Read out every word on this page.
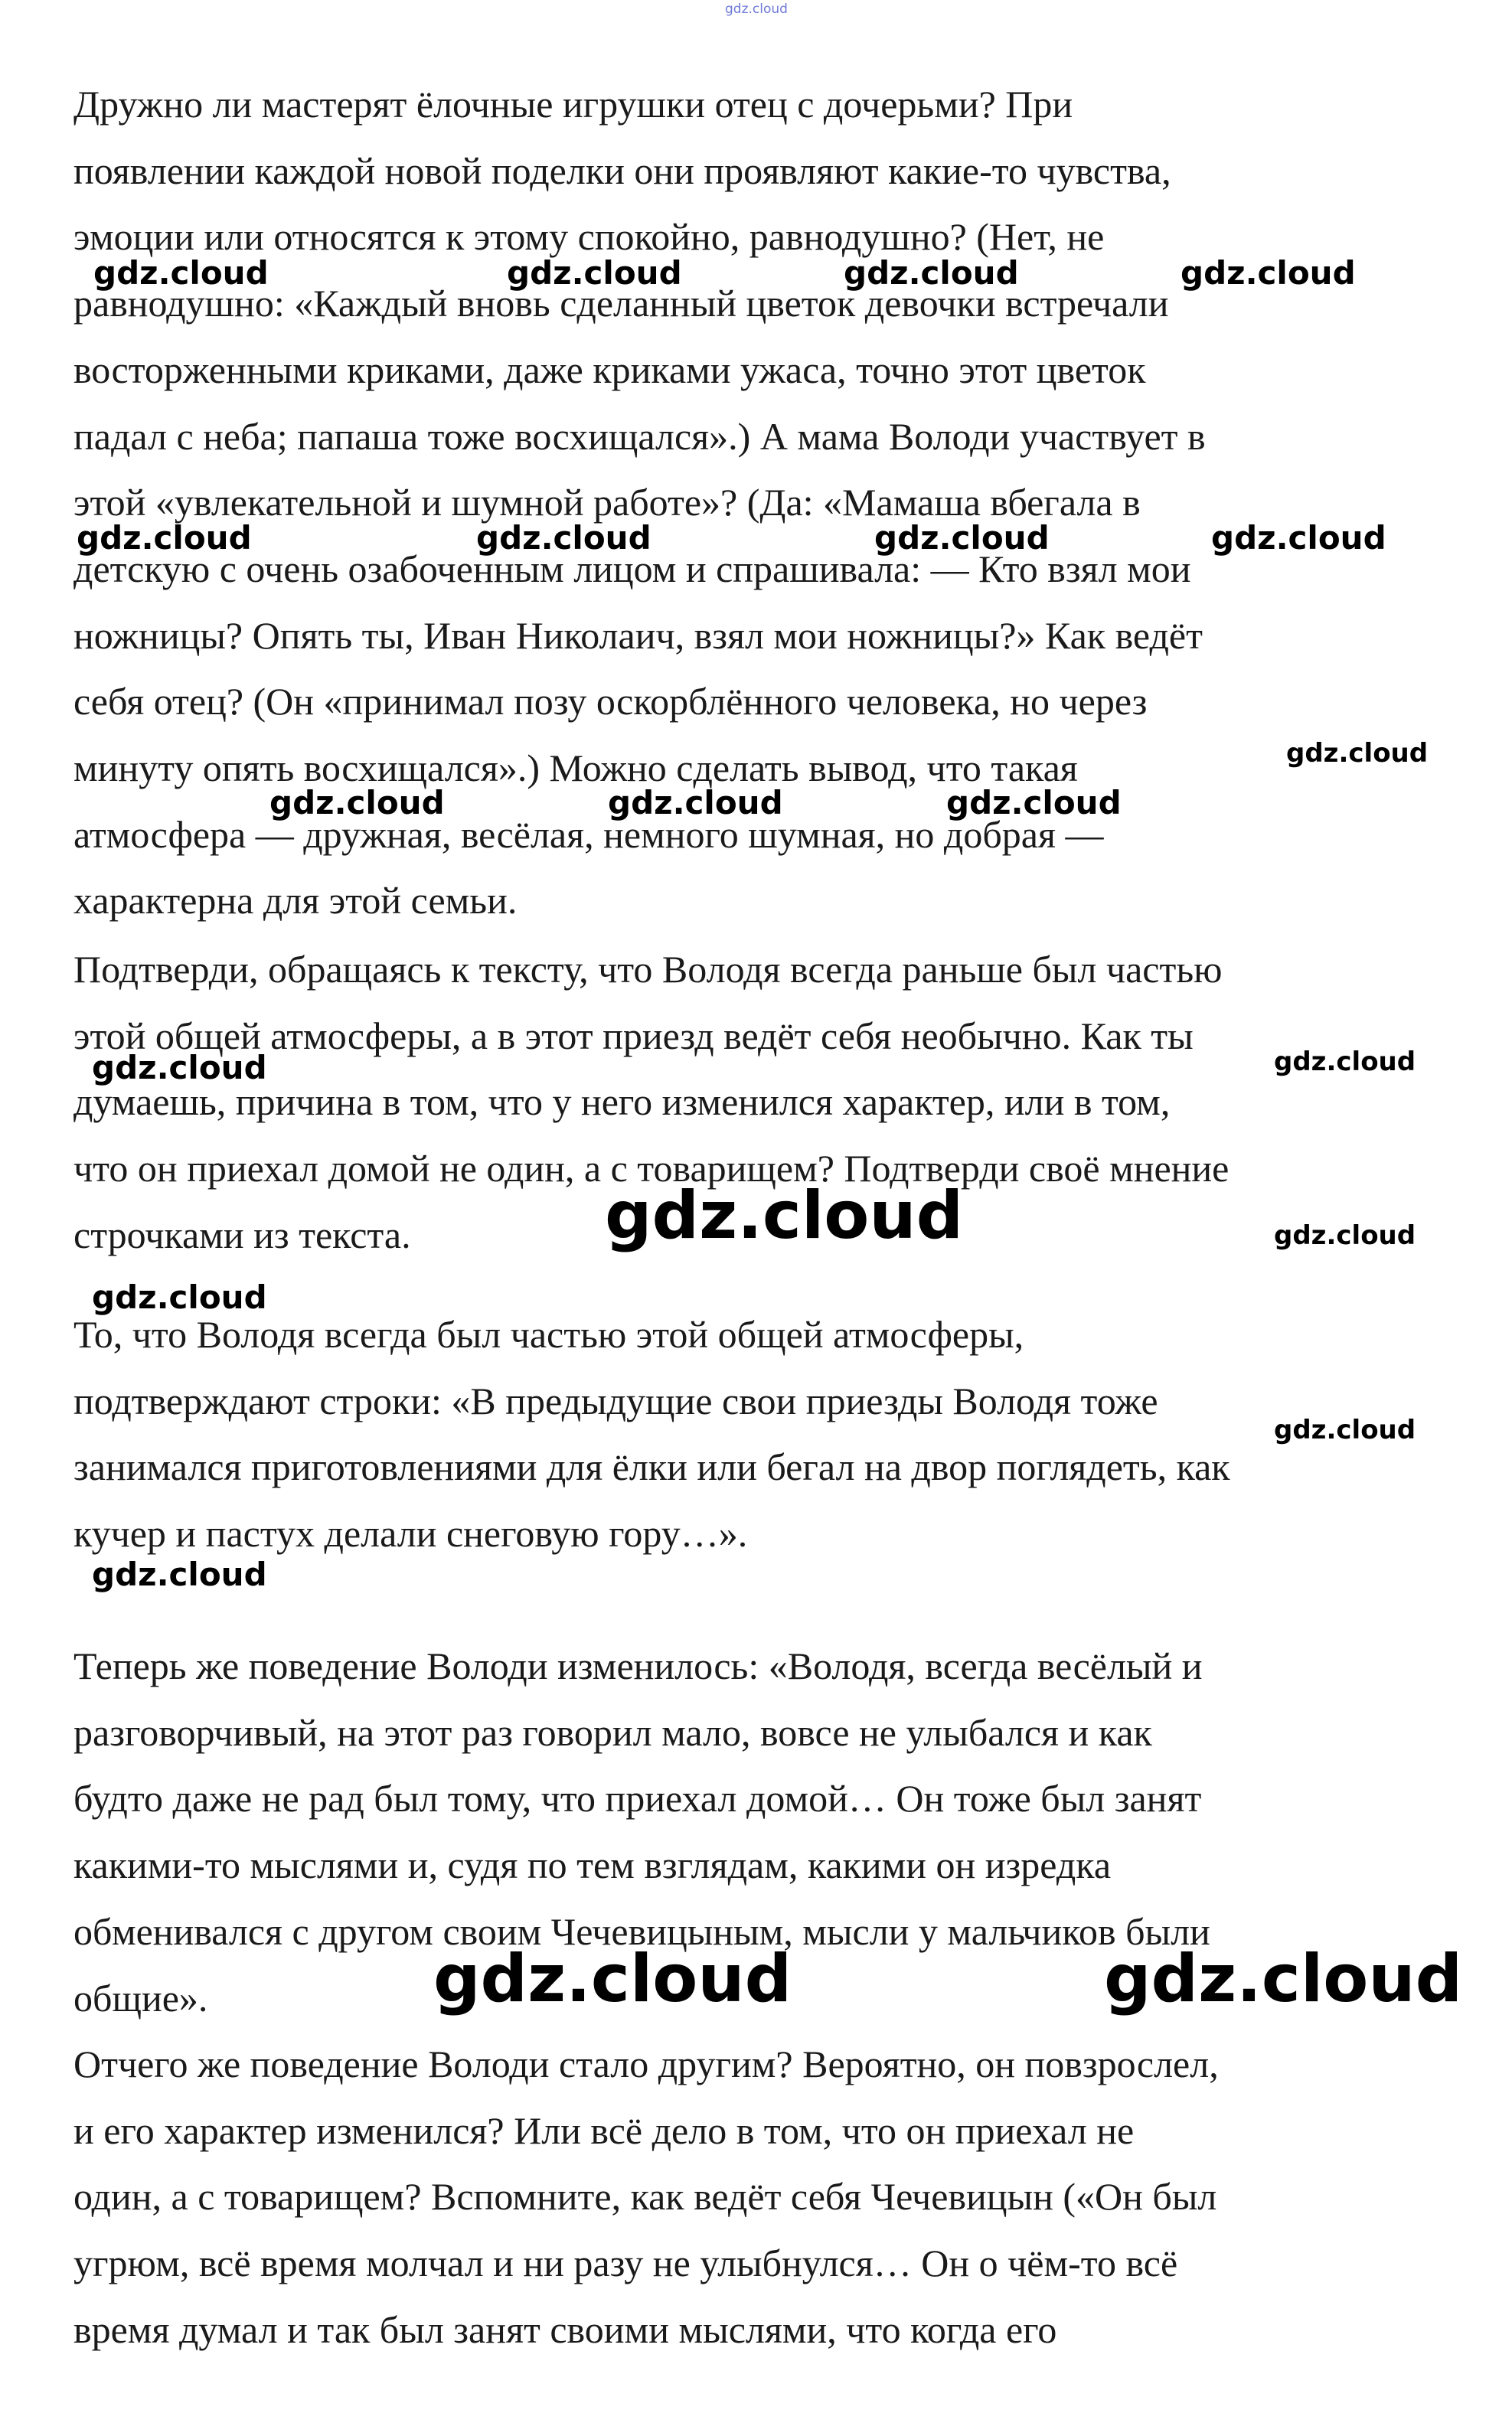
gdz.cloud

Дружно ли мастерят ёлочные игрушки отец с дочерьми? При
появлении каждой новой поделки они проявляют какие-то чувства,
эмоции или относятся к этому спокойно, равнодушно? (Нет, не
равнодушно: «Каждый вновь сделанный цветок девочки встречали
восторженными криками, даже криками ужаса, точно этот цветок
падал с неба; папаша тоже восхищался».) А мама Володи участвует в
этой «увлекательной и шумной работе»? (Да: «Мамаша вбегала в
детскую с очень озабоченным лицом и спрашивала: — Кто взял мои
ножницы? Опять ты, Иван Николаич, взял мои ножницы?» Как ведёт
себя отец? (Он «принимал позу оскорблённого человека, но через
минуту опять восхищался».) Можно сделать вывод, что такая
атмосфера — дружная, весёлая, немного шумная, но добрая —
характерна для этой семьи.

Подтверди, обращаясь к тексту, что Володя всегда раньше был частью
этой общей атмосферы, а в этот приезд ведёт себя необычно. Как ты
думаешь, причина в том, что у него изменился характер, или в том,
что он приехал домой не один, а с товарищем? Подтверди своё мнение
строчками из текста.

То, что Володя всегда был частью этой общей атмосферы,
подтверждают строки: «В предыдущие свои приезды Володя тоже
занимался приготовлениями для ёлки или бегал на двор поглядеть, как
кучер и пастух делали снеговую гору…».

Теперь же поведение Володи изменилось: «Володя, всегда весёлый и
разговорчивый, на этот раз говорил мало, вовсе не улыбался и как
будто даже не рад был тому, что приехал домой… Он тоже был занят
какими-то мыслями и, судя по тем взглядам, какими он изредка
обменивался с другом своим Чечевицыным, мысли у мальчиков были
общие».

Отчего же поведение Володи стало другим? Вероятно, он повзрослел,
и его характер изменился? Или всё дело в том, что он приехал не
один, а с товарищем? Вспомните, как ведёт себя Чечевицын («Он был
угрюм, всё время молчал и ни разу не улыбнулся… Он о чём-то всё
время думал и так был занят своими мыслями, что когда его

gdz.cloud	gdz.cloud	gdz.cloud	gdz.cloud
gdz.cloud	gdz.cloud	gdz.cloud	gdz.cloud
gdz.cloud
gdz.cloud	gdz.cloud	gdz.cloud
gdz.cloud	gdz.cloud
gdz.cloud	gdz.cloud
gdz.cloud
gdz.cloud
gdz.cloud
gdz.cloud	gdz.cloud
